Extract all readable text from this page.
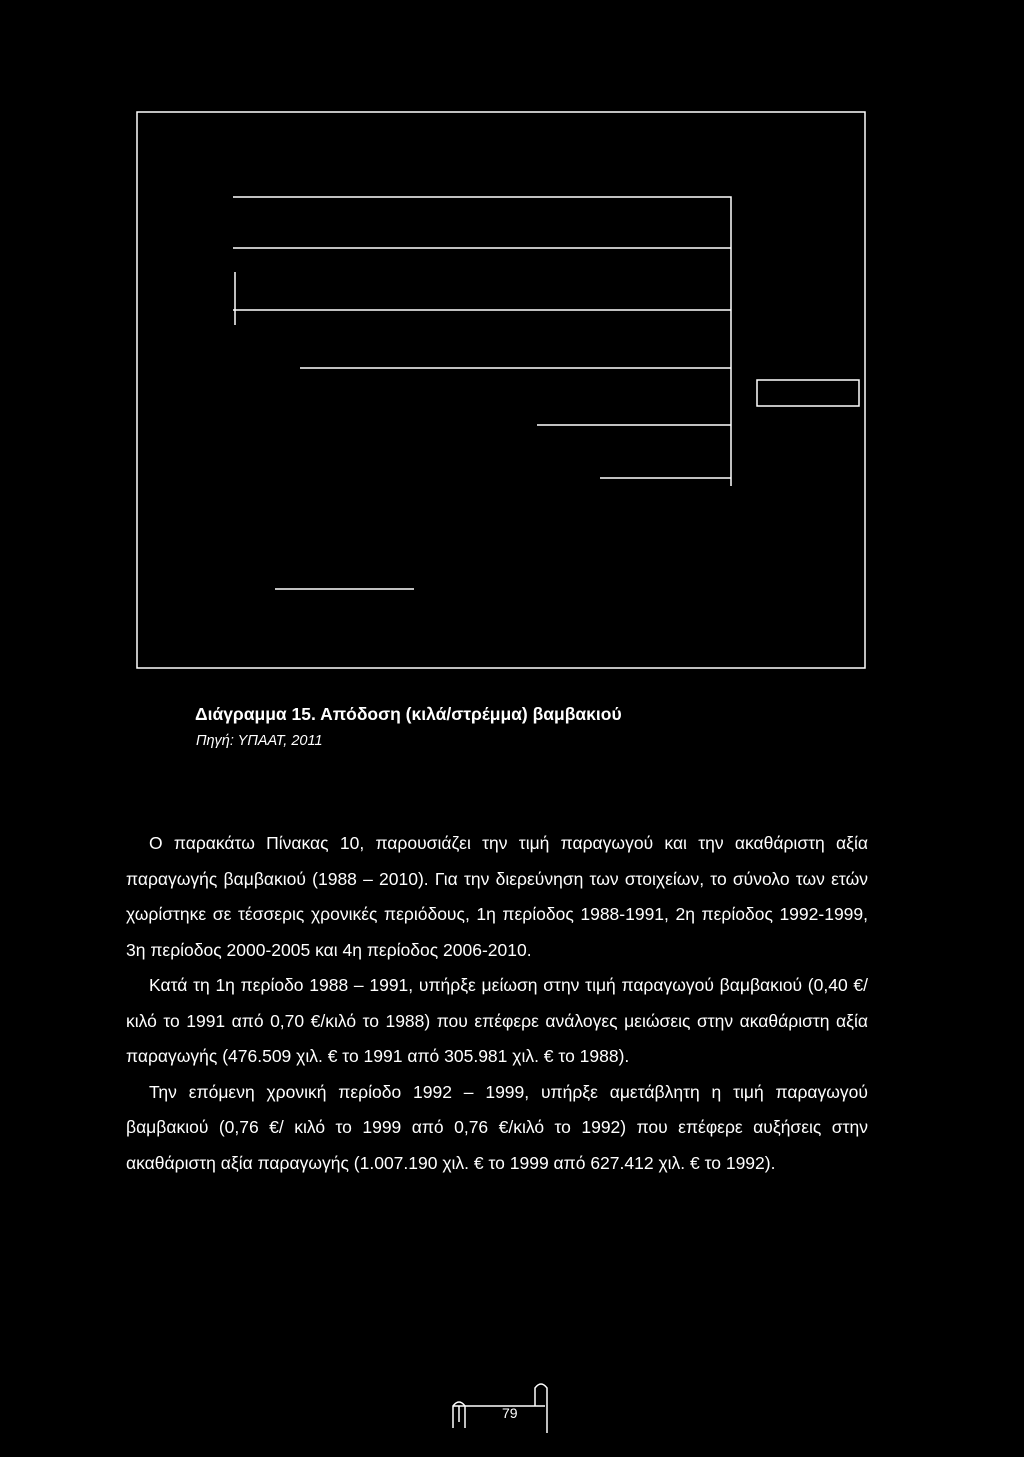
Διάγραμμα 15. Απόδοση (κιλά/στρέμμα) βαμβακιού
Πηγή: ΥΠΑΑΤ, 2011

Ο παρακάτω Πίνακας 10, παρουσιάζει την τιμή παραγωγού και την ακαθάριστη αξία παραγωγής βαμβακιού (1988 – 2010). Για την διερεύνηση των στοιχείων, το σύνολο των ετών χωρίστηκε σε τέσσερις χρονικές περιόδους, 1η περίοδος 1988-1991, 2η περίοδος 1992-1999, 3η περίοδος 2000-2005 και 4η περίοδος 2006-2010.

Κατά τη 1η περίοδο 1988 – 1991, υπήρξε μείωση στην τιμή παραγωγού βαμβακιού (0,40 €/ κιλό το 1991 από 0,70 €/κιλό το 1988) που επέφερε ανάλογες μειώσεις στην ακαθάριστη αξία παραγωγής (476.509 χιλ. € το 1991 από 305.981 χιλ. € το 1988).

Την επόμενη χρονική περίοδο 1992 – 1999, υπήρξε αμετάβλητη η τιμή παραγωγού βαμβακιού (0,76 €/ κιλό το 1999 από 0,76 €/κιλό το 1992) που επέφερε αυξήσεις στην ακαθάριστη αξία παραγωγής (1.007.190 χιλ. € το 1999 από 627.412 χιλ. € το 1992).

79
